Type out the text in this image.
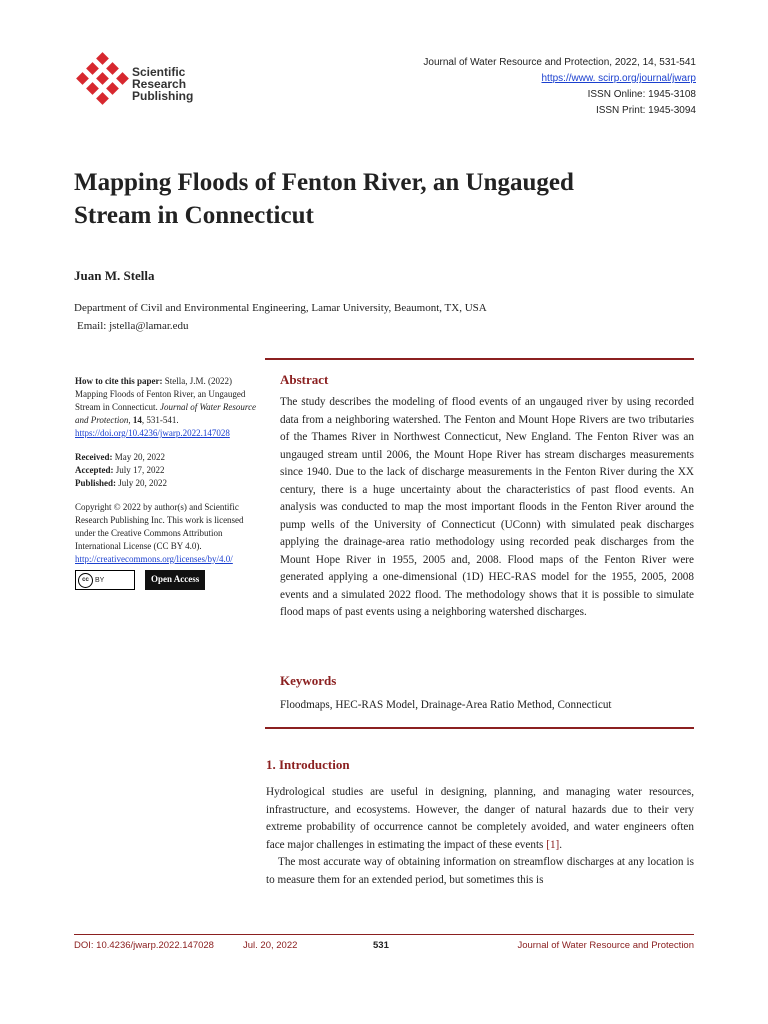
Scientific
Research
Publishing
Journal of Water Resource and Protection, 2022, 14, 531-541
https://www. scirp.org/journal/jwarp
ISSN Online: 1945-3108
ISSN Print: 1945-3094
Mapping Floods of Fenton River, an Ungauged
Stream in Connecticut
Juan M. Stella
Department of Civil and Environmental Engineering, Lamar University, Beaumont, TX, USA
Email: jstella@lamar.edu

How to cite this paper: Stella, J.M. (2022) Mapping Floods of Fenton River, an Ungauged Stream in Connecticut. Journal of Water Resource and Protection, 14, 531-541. https://doi.org/10.4236/jwarp.2022.147028

Received: May 20, 2022
Accepted: July 17, 2022
Published: July 20, 2022

Copyright © 2022 by author(s) and Scientific Research Publishing Inc. This work is licensed under the Creative Commons Attribution International License (CC BY 4.0).
http://creativecommons.org/licenses/by/4.0/

cc BY	Open Access
Abstract

The study describes the modeling of flood events of an ungauged river by using recorded data from a neighboring watershed. The Fenton and Mount Hope Rivers are two tributaries of the Thames River in Northwest Connecticut, New England. The Fenton River was an ungauged stream until 2006, the Mount Hope River has stream discharges measurements since 1940. Due to the lack of discharge measurements in the Fenton River during the XX century, there is a huge uncertainty about the characteristics of past flood events. An analysis was conducted to map the most important floods in the Fenton River around the pump wells of the University of Connecticut (UConn) with simulated peak discharges applying the drainage-area ratio methodology using recorded peak discharges from the Mount Hope River in 1955, 2005 and, 2008. Flood maps of the Fenton River were generated applying a one-dimensional (1D) HEC-RAS model for the 1955, 2005, 2008 events and a simulated 2022 flood. The methodology shows that it is possible to simulate flood maps of past events using a neighboring watershed discharges.

Keywords

Floodmaps, HEC-RAS Model, Drainage-Area Ratio Method, Connecticut

1. Introduction

Hydrological studies are useful in designing, planning, and managing water resources, infrastructure, and ecosystems. However, the danger of natural hazards due to their very extreme probability of occurrence cannot be completely avoided, and water engineers often face major challenges in estimating the impact of these events [1].

The most accurate way of obtaining information on streamflow discharges at any location is to measure them for an extended period, but sometimes this is

DOI: 10.4236/jwarp.2022.147028	Jul. 20, 2022	531	Journal of Water Resource and Protection
